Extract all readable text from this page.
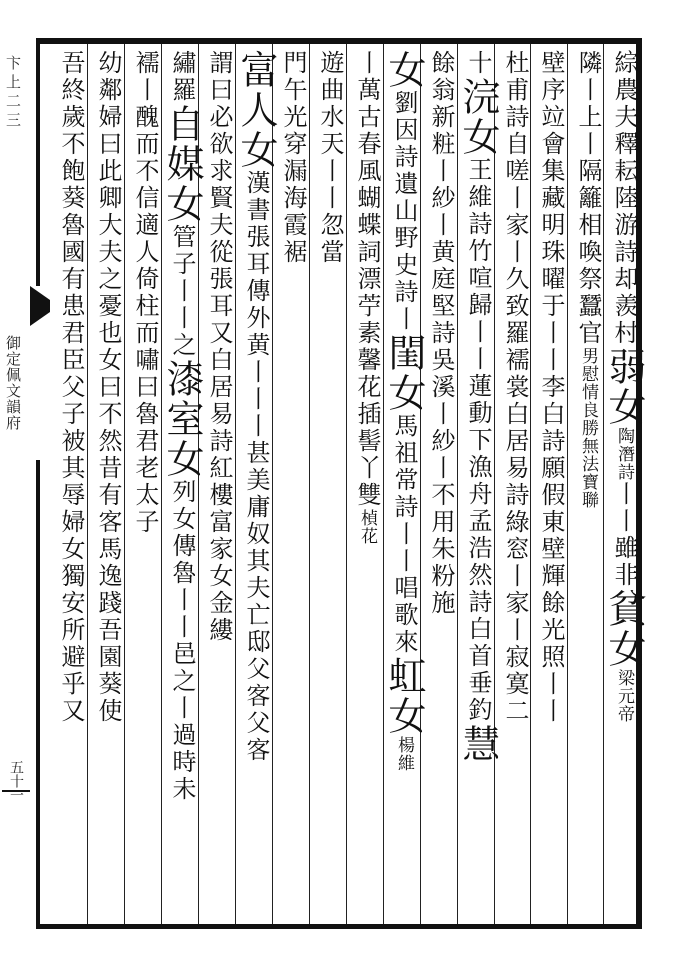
卞上二三
御定佩文韻府
五十一
綜農夫釋耘陸游詩却羨村弱女陶潛詩丨丨雖非貧女梁元帝
隣丨上丨隔籬相喚祭蠶官男慰情良勝無法寶聯
壁序竝會集藏明珠曜于丨丨李白詩願假東壁輝餘光照丨丨
杜甫詩自嗟丨家丨久致羅襦裳白居易詩綠窓丨家丨寂寞二
十浣女王維詩竹喧歸丨丨蓮動下漁舟孟浩然詩白首垂釣慧
餘翁新粧丨紗丨黄庭堅詩吳溪丨紗丨不用朱粉施
女劉因詩遺山野史詩丨閨女馬祖常詩丨丨唱歌來虹女楊維
丨萬古春風蝴蝶詞漂苧素馨花插髻丫雙楨花
遊曲水天丨丨忽當
門午光穿漏海霞裾
富人女漢書張耳傳外黄丨丨丨甚美庸奴其夫亡邸父客父客
謂曰必欲求賢夫從張耳又白居易詩紅樓富家女金縷
繡羅自媒女管子丨丨之漆室女列女傳魯丨丨邑之丨過時未
襦丨醜而不信適人倚柱而嘯曰魯君老太子
幼鄰婦曰此卿大夫之憂也女曰不然昔有客馬逸踐吾園葵使
吾終歲不飽葵魯國有患君臣父子被其辱婦女獨安所避乎又
